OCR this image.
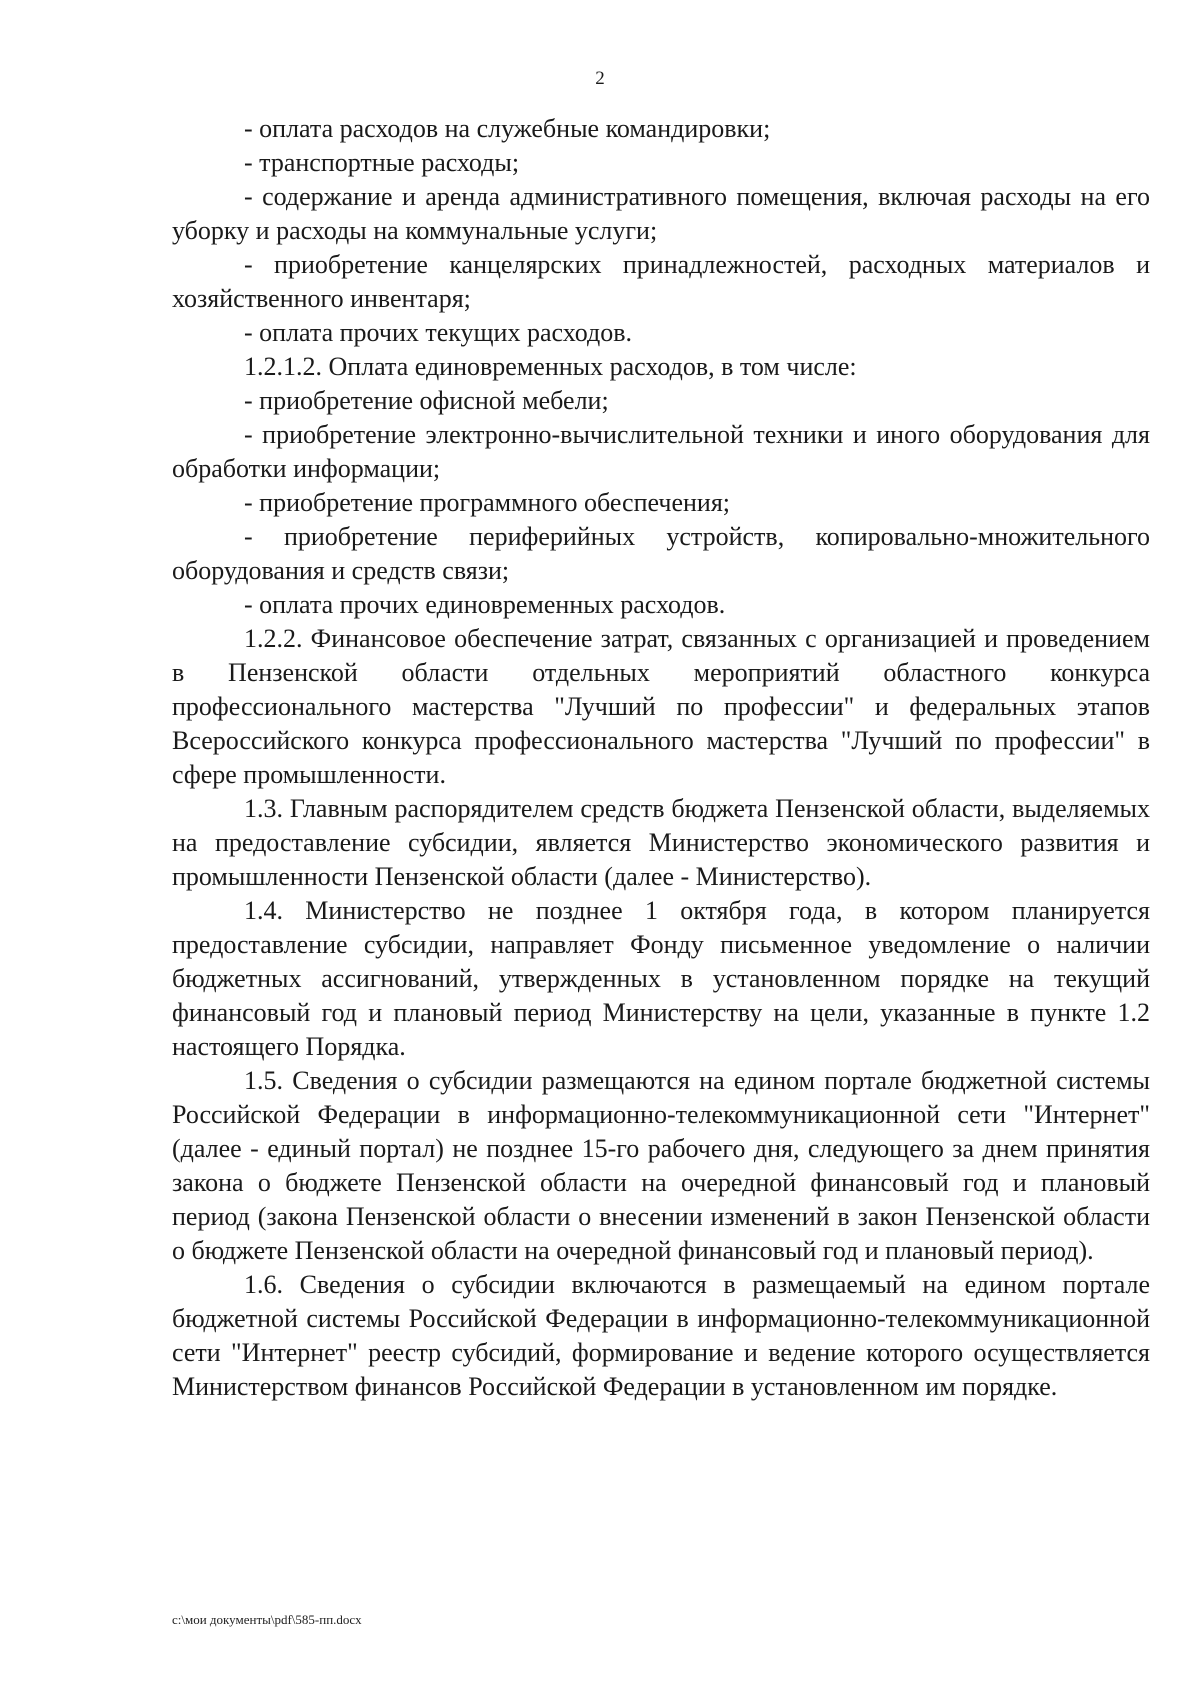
2

- оплата расходов на служебные командировки;

- транспортные расходы;

- содержание и аренда административного помещения, включая расходы на его уборку и расходы на коммунальные услуги;

- приобретение канцелярских принадлежностей, расходных материалов и хозяйственного инвентаря;

- оплата прочих текущих расходов.

1.2.1.2. Оплата единовременных расходов, в том числе:

- приобретение офисной мебели;

- приобретение электронно-вычислительной техники и иного оборудования для обработки информации;

- приобретение программного обеспечения;

- приобретение периферийных устройств, копировально-множительного оборудования и средств связи;

- оплата прочих единовременных расходов.

1.2.2. Финансовое обеспечение затрат, связанных с организацией и проведением в Пензенской области отдельных мероприятий областного конкурса профессионального мастерства "Лучший по профессии" и федеральных этапов Всероссийского конкурса профессионального мастерства "Лучший по профессии" в сфере промышленности.

1.3. Главным распорядителем средств бюджета Пензенской области, выделяемых на предоставление субсидии, является Министерство экономического развития и промышленности Пензенской области (далее - Министерство).

1.4. Министерство не позднее 1 октября года, в котором планируется предоставление субсидии, направляет Фонду письменное уведомление о наличии бюджетных ассигнований, утвержденных в установленном порядке на текущий финансовый год и плановый период Министерству на цели, указанные в пункте 1.2 настоящего Порядка.

1.5. Сведения о субсидии размещаются на едином портале бюджетной системы Российской Федерации в информационно-телекоммуникационной сети "Интернет" (далее - единый портал) не позднее 15-го рабочего дня, следующего за днем принятия закона о бюджете Пензенской области на очередной финансовый год и плановый период (закона Пензенской области о внесении изменений в закон Пензенской области о бюджете Пензенской области на очередной финансовый год и плановый период).

1.6. Сведения о субсидии включаются в размещаемый на едином портале бюджетной системы Российской Федерации в информационно-телекоммуникационной сети "Интернет" реестр субсидий, формирование и ведение которого осуществляется Министерством финансов Российской Федерации в установленном им порядке.

c:\мои документы\pdf\585-пп.docx
